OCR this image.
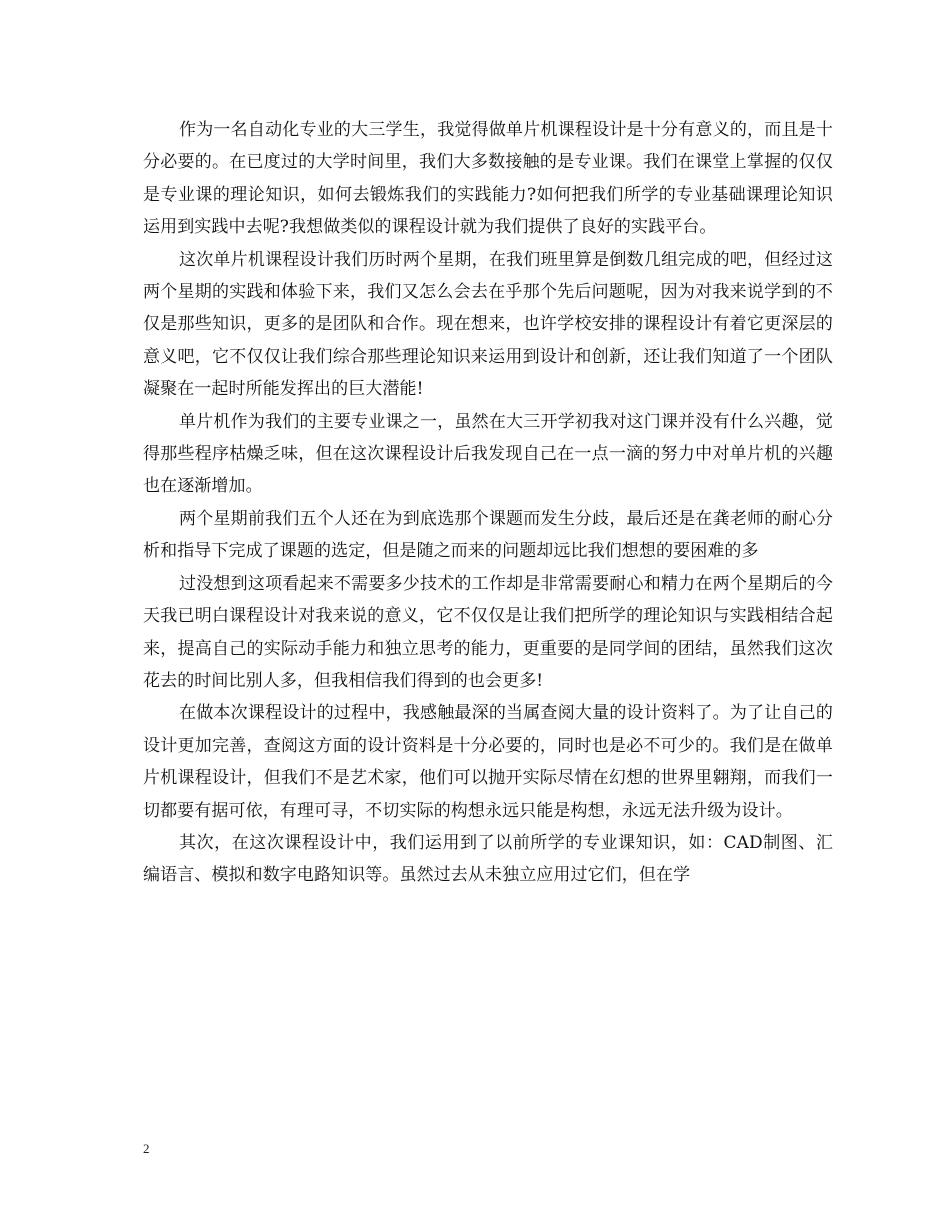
作为一名自动化专业的大三学生，我觉得做单片机课程设计是十分有意义的，而且是十分必要的。在已度过的大学时间里，我们大多数接触的是专业课。我们在课堂上掌握的仅仅是专业课的理论知识，如何去锻炼我们的实践能力?如何把我们所学的专业基础课理论知识运用到实践中去呢?我想做类似的课程设计就为我们提供了良好的实践平台。

这次单片机课程设计我们历时两个星期，在我们班里算是倒数几组完成的吧，但经过这两个星期的实践和体验下来，我们又怎么会去在乎那个先后问题呢，因为对我来说学到的不仅是那些知识，更多的是团队和合作。现在想来，也许学校安排的课程设计有着它更深层的意义吧，它不仅仅让我们综合那些理论知识来运用到设计和创新，还让我们知道了一个团队凝聚在一起时所能发挥出的巨大潜能!

单片机作为我们的主要专业课之一，虽然在大三开学初我对这门课并没有什么兴趣，觉得那些程序枯燥乏味，但在这次课程设计后我发现自己在一点一滴的努力中对单片机的兴趣也在逐渐增加。

两个星期前我们五个人还在为到底选那个课题而发生分歧，最后还是在龚老师的耐心分析和指导下完成了课题的选定，但是随之而来的问题却远比我们想想的要困难的多

过没想到这项看起来不需要多少技术的工作却是非常需要耐心和精力在两个星期后的今天我已明白课程设计对我来说的意义，它不仅仅是让我们把所学的理论知识与实践相结合起来，提高自己的实际动手能力和独立思考的能力，更重要的是同学间的团结，虽然我们这次花去的时间比别人多，但我相信我们得到的也会更多!

在做本次课程设计的过程中，我感触最深的当属查阅大量的设计资料了。为了让自己的设计更加完善，查阅这方面的设计资料是十分必要的，同时也是必不可少的。我们是在做单片机课程设计，但我们不是艺术家，他们可以抛开实际尽情在幻想的世界里翱翔，而我们一切都要有据可依，有理可寻，不切实际的构想永远只能是构想，永远无法升级为设计。

其次，在这次课程设计中，我们运用到了以前所学的专业课知识，如：CAD制图、汇编语言、模拟和数字电路知识等。虽然过去从未独立应用过它们，但在学

2
